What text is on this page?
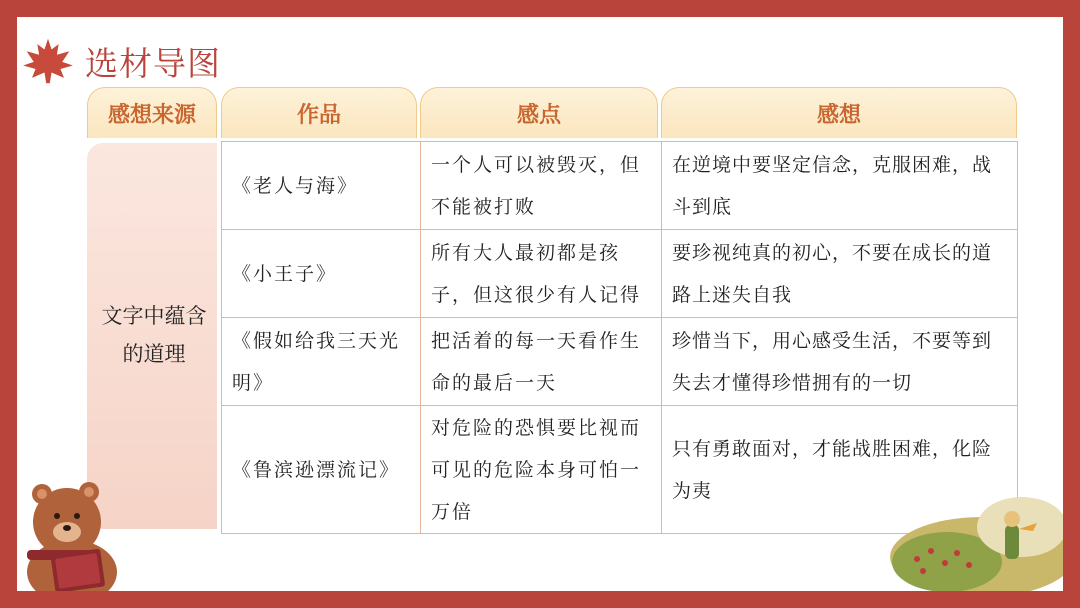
选材导图
感想来源	作品	感点	感想
文字中蕴含的道理
《老人与海》	一个人可以被毁灭，但不能被打败	在逆境中要坚定信念，克服困难，战斗到底
《小王子》	所有大人最初都是孩子，但这很少有人记得	要珍视纯真的初心，不要在成长的道路上迷失自我
《假如给我三天光明》	把活着的每一天看作生命的最后一天	珍惜当下，用心感受生活，不要等到失去才懂得珍惜拥有的一切
《鲁滨逊漂流记》	对危险的恐惧要比视而可见的危险本身可怕一万倍	只有勇敢面对，才能战胜困难，化险为夷
